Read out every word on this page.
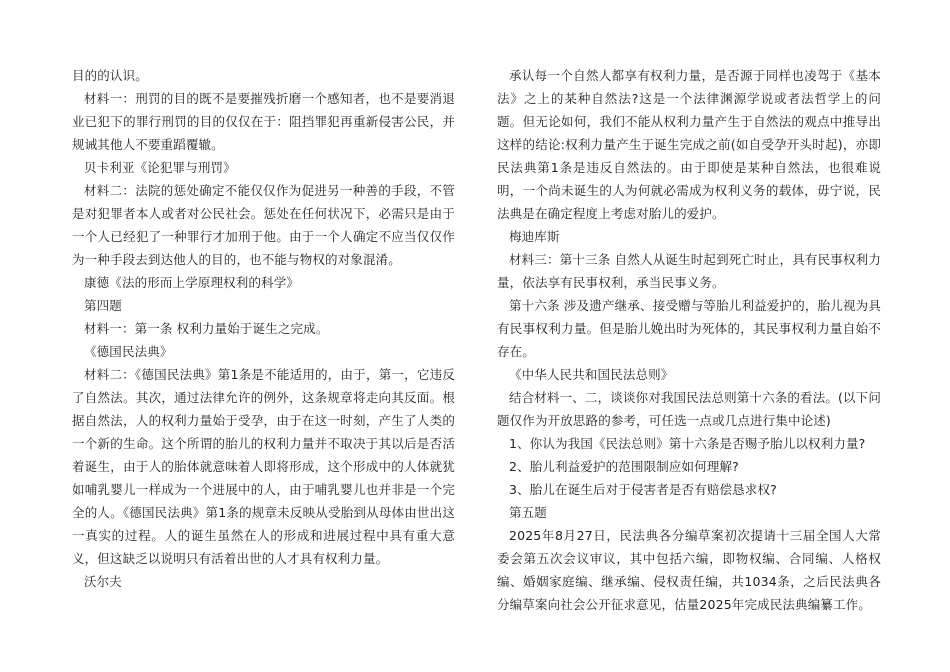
目的的认识。

材料一：刑罚的目的既不是要摧残折磨一个感知者，也不是要消退业已犯下的罪行刑罚的目的仅仅在于：阻挡罪犯再重新侵害公民，并规诫其他人不要重蹈覆辙。

贝卡利亚《论犯罪与刑罚》

材料二：法院的惩处确定不能仅仅作为促进另一种善的手段，不管是对犯罪者本人或者对公民社会。惩处在任何状况下，必需只是由于一个人已经犯了一种罪行才加刑于他。由于一个人确定不应当仅仅作为一种手段去到达他人的目的，也不能与物权的对象混淆。

康德《法的形而上学原理权利的科学》

第四题

材料一：第一条 权利力量始于诞生之完成。

《德国民法典》

材料二：《德国民法典》第1条是不能适用的，由于，第一，它违反了自然法。其次，通过法律允许的例外，这条规章将走向其反面。根据自然法，人的权利力量始于受孕，由于在这一时刻，产生了人类的一个新的生命。这个所谓的胎儿的权利力量并不取决于其以后是否活着诞生，由于人的胎体就意味着人即将形成，这个形成中的人体就犹如哺乳婴儿一样成为一个进展中的人，由于哺乳婴儿也并非是一个完全的人。《德国民法典》第1条的规章未反映从受胎到从母体由世出这一真实的过程。人的诞生虽然在人的形成和进展过程中具有重大意义，但这缺乏以说明只有活着出世的人才具有权利力量。

沃尔夫

承认每一个自然人都享有权利力量，是否源于同样也凌驾于《基本法》之上的某种自然法?这是一个法律渊源学说或者法哲学上的问题。但无论如何，我们不能从权利力量产生于自然法的观点中推导出这样的结论:权利力量产生于诞生完成之前(如自受孕开头时起)，亦即民法典第1条是违反自然法的。由于即使是某种自然法，也很难说明，一个尚未诞生的人为何就必需成为权利义务的载体，毋宁说，民法典是在确定程度上考虑对胎儿的爱护。

梅迪库斯

材料三：第十三条 自然人从诞生时起到死亡时止，具有民事权利力量，依法享有民事权利，承当民事义务。

第十六条 涉及遗产继承、接受赠与等胎儿利益爱护的，胎儿视为具有民事权利力量。但是胎儿娩出时为死体的，其民事权利力量自始不存在。

《中华人民共和国民法总则》

结合材料一、二，谈谈你对我国民法总则第十六条的看法。(以下问题仅作为开放思路的参考，可任选一点或几点进行集中论述)

1、你认为我国《民法总则》第十六条是否赐予胎儿以权利力量?

2、胎儿利益爱护的范围限制应如何理解?

3、胎儿在诞生后对于侵害者是否有赔偿恳求权?

第五题

2025年8月27日，民法典各分编草案初次提请十三届全国人大常委会第五次会议审议，其中包括六编，即物权编、合同编、人格权编、婚姻家庭编、继承编、侵权责任编，共1034条，之后民法典各分编草案向社会公开征求意见，估量2025年完成民法典编纂工作。
